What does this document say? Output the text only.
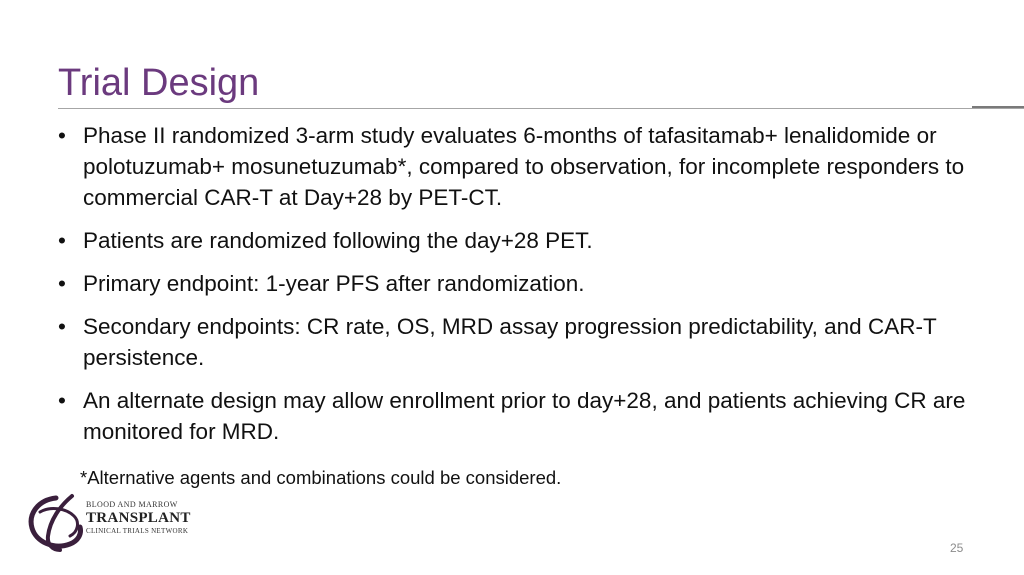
Trial Design
• Phase II randomized 3-arm study evaluates 6-months of tafasitamab+ lenalidomide or polotuzumab+ mosunetuzumab*, compared to observation, for incomplete responders to commercial CAR-T at Day+28 by PET-CT.
• Patients are randomized following the day+28 PET.
• Primary endpoint: 1-year PFS after randomization.
• Secondary endpoints: CR rate, OS, MRD assay progression predictability, and CAR-T persistence.
• An alternate design may allow enrollment prior to day+28, and patients achieving CR are monitored for MRD.
*Alternative agents and combinations could be considered.
BLOOD AND MARROW
TRANSPLANT
CLINICAL TRIALS NETWORK
25
